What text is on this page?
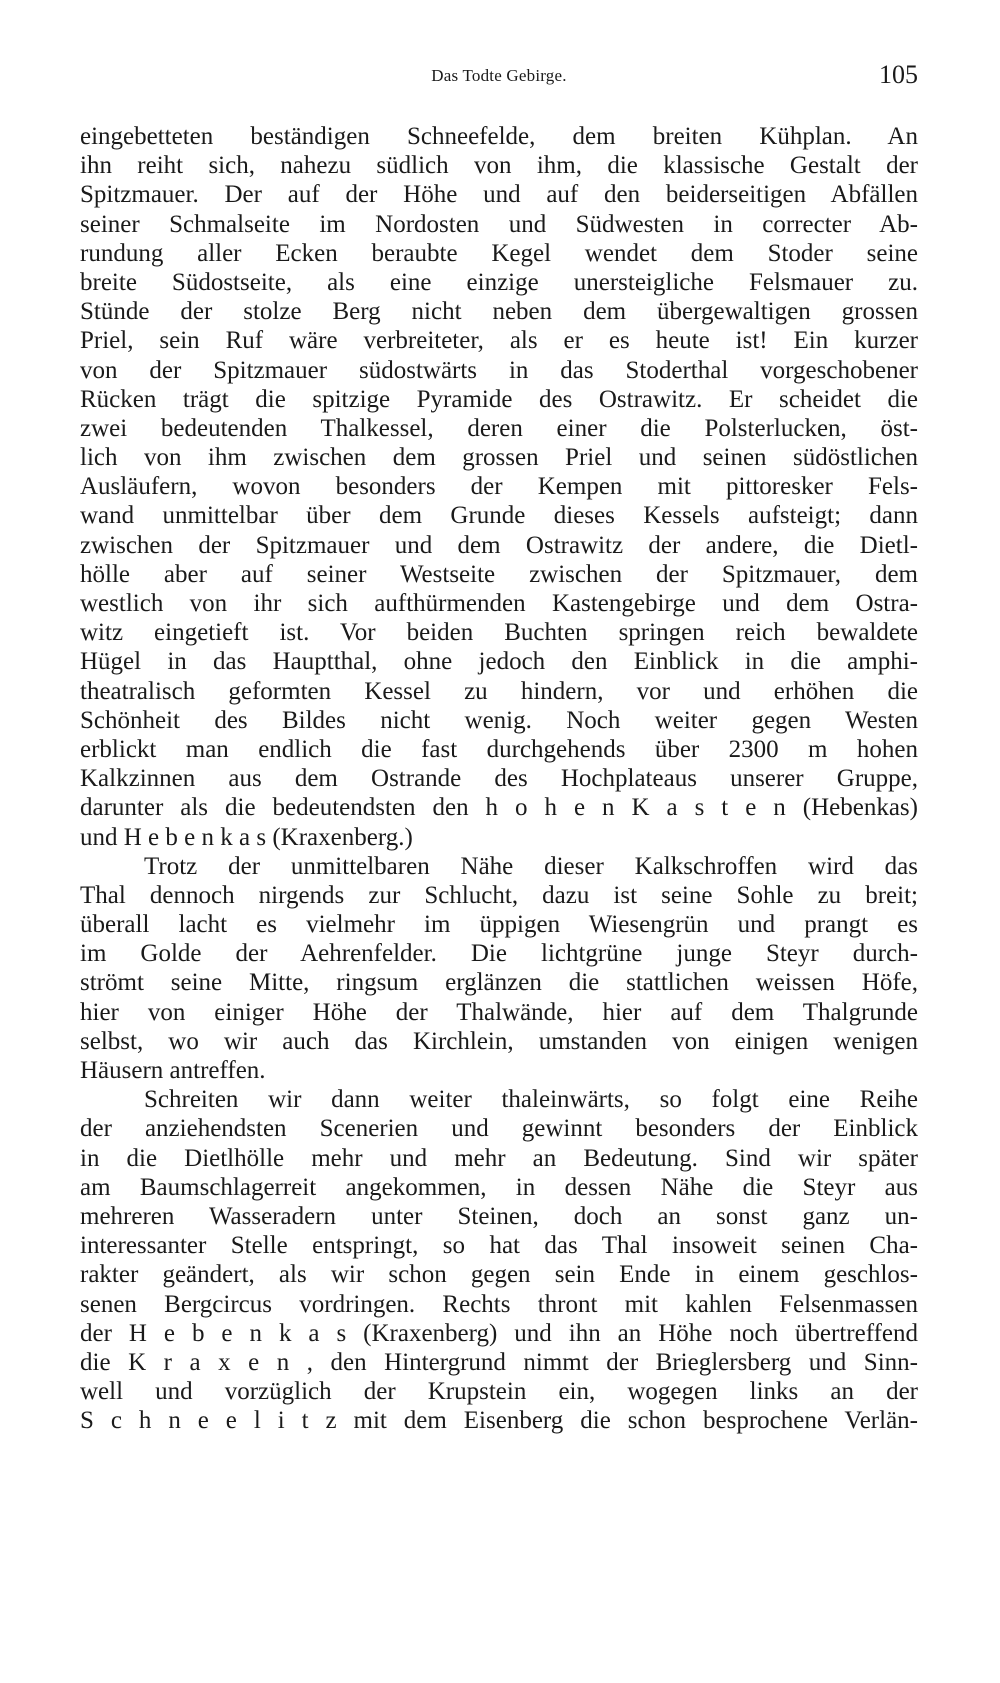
Das Todte Gebirge.	105
eingebetteten beständigen Schneefelde, dem breiten Kühplan. An
ihn reiht sich, nahezu südlich von ihm, die klassische Gestalt der
Spitzmauer. Der auf der Höhe und auf den beiderseitigen Abfällen
seiner Schmalseite im Nordosten und Südwesten in correcter Ab-
rundung aller Ecken beraubte Kegel wendet dem Stoder seine
breite Südostseite, als eine einzige unersteigliche Felsmauer zu.
Stünde der stolze Berg nicht neben dem übergewaltigen grossen
Priel, sein Ruf wäre verbreiteter, als er es heute ist! Ein kurzer
von der Spitzmauer südostwärts in das Stoderthal vorgeschobener
Rücken trägt die spitzige Pyramide des Ostrawitz. Er scheidet die
zwei bedeutenden Thalkessel, deren einer die Polsterlucken, öst-
lich von ihm zwischen dem grossen Priel und seinen südöstlichen
Ausläufern, wovon besonders der Kempen mit pittoresker Fels-
wand unmittelbar über dem Grunde dieses Kessels aufsteigt; dann
zwischen der Spitzmauer und dem Ostrawitz der andere, die Dietl-
hölle aber auf seiner Westseite zwischen der Spitzmauer, dem
westlich von ihr sich aufthürmenden Kastengebirge und dem Ostra-
witz eingetieft ist. Vor beiden Buchten springen reich bewaldete
Hügel in das Hauptthal, ohne jedoch den Einblick in die amphi-
theatralisch geformten Kessel zu hindern, vor und erhöhen die
Schönheit des Bildes nicht wenig. Noch weiter gegen Westen
erblickt man endlich die fast durchgehends über 2300 m hohen
Kalkzinnen aus dem Ostrande des Hochplateaus unserer Gruppe,
darunter als die bedeutendsten den h o h e n K a s t e n (Hebenkas)
und H e b e n k a s (Kraxenberg.)
Trotz der unmittelbaren Nähe dieser Kalkschroffen wird das
Thal dennoch nirgends zur Schlucht, dazu ist seine Sohle zu breit;
überall lacht es vielmehr im üppigen Wiesengrün und prangt es
im Golde der Aehrenfelder. Die lichtgrüne junge Steyr durch-
strömt seine Mitte, ringsum erglänzen die stattlichen weissen Höfe,
hier von einiger Höhe der Thalwände, hier auf dem Thalgrunde
selbst, wo wir auch das Kirchlein, umstanden von einigen wenigen
Häusern antreffen.
Schreiten wir dann weiter thaleinwärts, so folgt eine Reihe
der anziehendsten Scenerien und gewinnt besonders der Einblick
in die Dietlhölle mehr und mehr an Bedeutung. Sind wir später
am Baumschlagerreit angekommen, in dessen Nähe die Steyr aus
mehreren Wasseradern unter Steinen, doch an sonst ganz un-
interessanter Stelle entspringt, so hat das Thal insoweit seinen Cha-
rakter geändert, als wir schon gegen sein Ende in einem geschlos-
senen Bergcircus vordringen. Rechts thront mit kahlen Felsenmassen
der H e b e n k a s (Kraxenberg) und ihn an Höhe noch übertreffend
die K r a x e n , den Hintergrund nimmt der Brieglersberg und Sinn-
well und vorzüglich der Krupstein ein, wogegen links an der
S c h n e e l i t z mit dem Eisenberg die schon besprochene Verlän-
